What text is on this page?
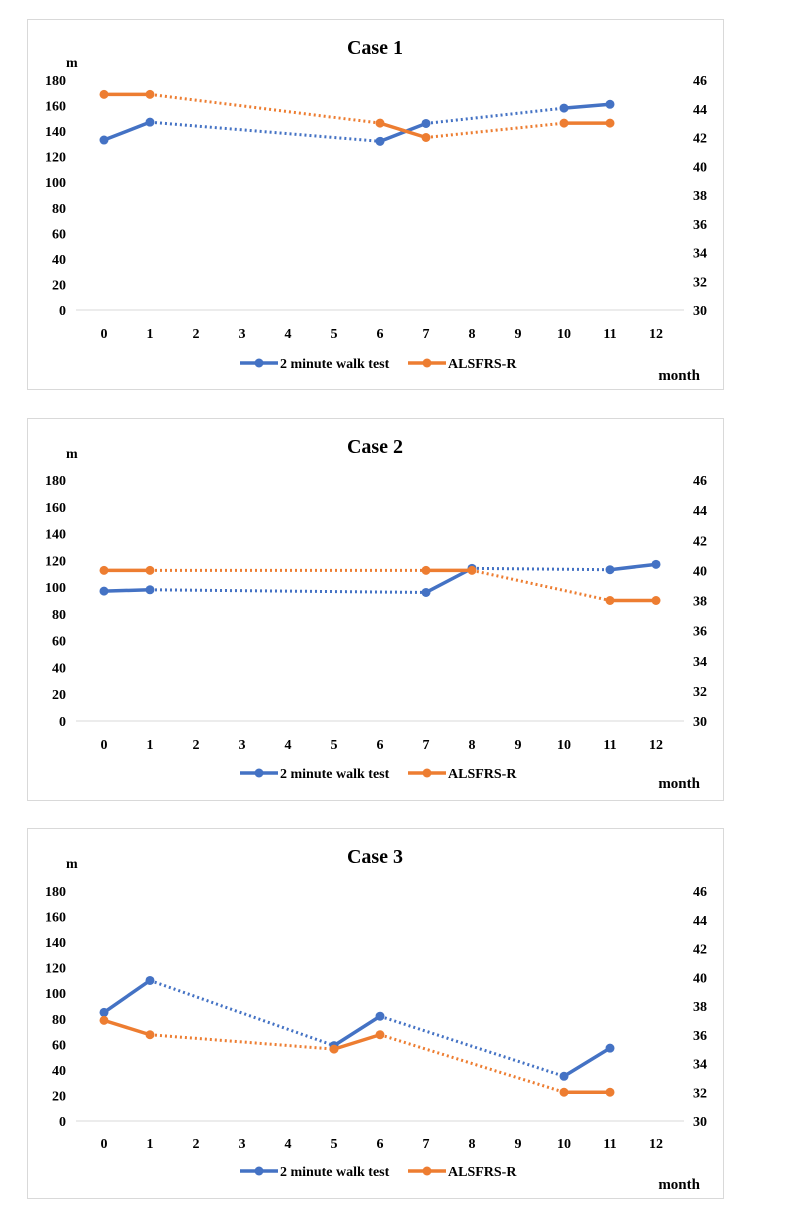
Case 1
m
0
20
40
60
80
100
120
140
160
180
30
32
34
36
38
40
42
44
46
0	1	2	3	4	5	6	7	8	9	10 11 12
2 minute walk test	ALSFRS-R
month
Case 2
m
0
20
40
60
80
100
120
140
160
180
30
32
34
36
38
40
42
44
46
0	1	2	3	4	5	6	7	8	9	10 11 12
2 minute walk test	ALSFRS-R
month
Case 3
m
0
20
40
60
80
100
120
140
160
180
30
32
34
36
38
40
42
44
46
0	1	2	3	4	5	6	7	8	9	10 11 12
2 minute walk test	ALSFRS-R
month
